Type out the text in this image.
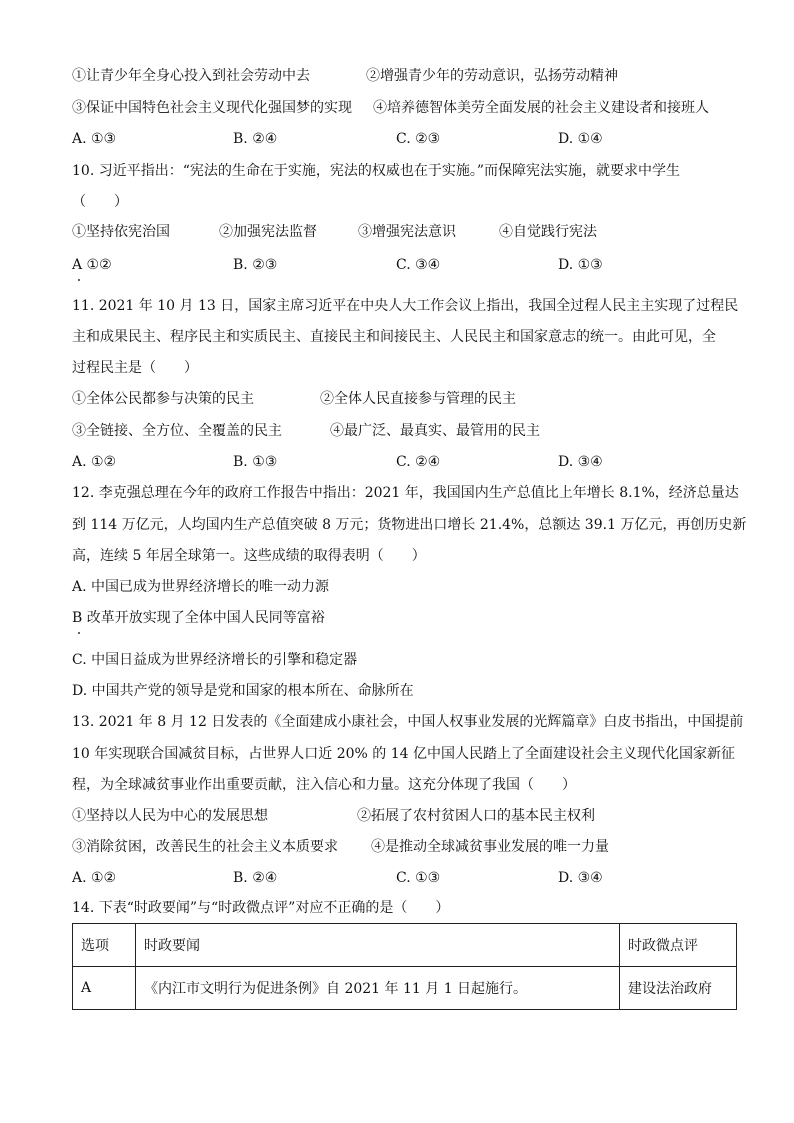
①让青少年全身心投入到社会劳动中去	②增强青少年的劳动意识，弘扬劳动精神
③保证中国特色社会主义现代化强国梦的实现 ④培养德智体美劳全面发展的社会主义建设者和接班人
A. ①③	B. ②④	C. ②③	D. ①④
10. 习近平指出：“宪法的生命在于实施，宪法的权威也在于实施。”而保障宪法实施，就要求中学生
（　　）
①坚持依宪治国	②加强宪法监督	③增强宪法意识	④自觉践行宪法
A ①②	B. ②③	C. ③④	D. ①③
11. 2021 年 10 月 13 日，国家主席习近平在中央人大工作会议上指出，我国全过程人民主主实现了过程民
主和成果民主、程序民主和实质民主、直接民主和间接民主、人民民主和国家意志的统一。由此可见，全
过程民主是（　　）
③全链接、全方位、全覆盖的民主
A. ①②	B. ①③	C. ②④	D. ③④
12. 李克强总理在今年的政府工作报告中指出：2021 年，我国国内生产总值比上年增长 8.1%，经济总量达
到 114 万亿元，人均国内生产总值突破 8 万元；货物进出口增长 21.4%，总额达 39.1 万亿元，再创历史新
高，连续 5 年居全球第一。这些成绩的取得表明（　　）
A. 中国已成为世界经济增长的唯一动力源
B 改革开放实现了全体中国人民同等富裕
C. 中国日益成为世界经济增长的引擎和稳定器
D. 中国共产党的领导是党和国家的根本所在、命脉所在
13. 2021 年 8 月 12 日发表的《全面建成小康社会，中国人权事业发展的光辉篇章》白皮书指出，中国提前
10 年实现联合国减贫目标，占世界人口近 20% 的 14 亿中国人民踏上了全面建设社会主义现代化国家新征
程，为全球减贫事业作出重要贡献，注入信心和力量。这充分体现了我国（　　）
①坚持以人民为中心的发展思想	②拓展了农村贫困人口的基本民主权利
③消除贫困，改善民生的社会主义本质要求 ④是推动全球减贫事业发展的唯一力量
A. ①②	B. ②④	C. ①③	D. ③④
14. 下表“时政要闻”与“时政微点评”对应不正确的是（　　）
选项	时政要闻	时政微点评
A	《内江市文明行为促进条例》自 2021 年 11 月 1 日起施行。	建设法治政府
①全体公民都参与决策的民主	②全体人民直接参与管理的民主
④最广泛、最真实、最管用的民主
